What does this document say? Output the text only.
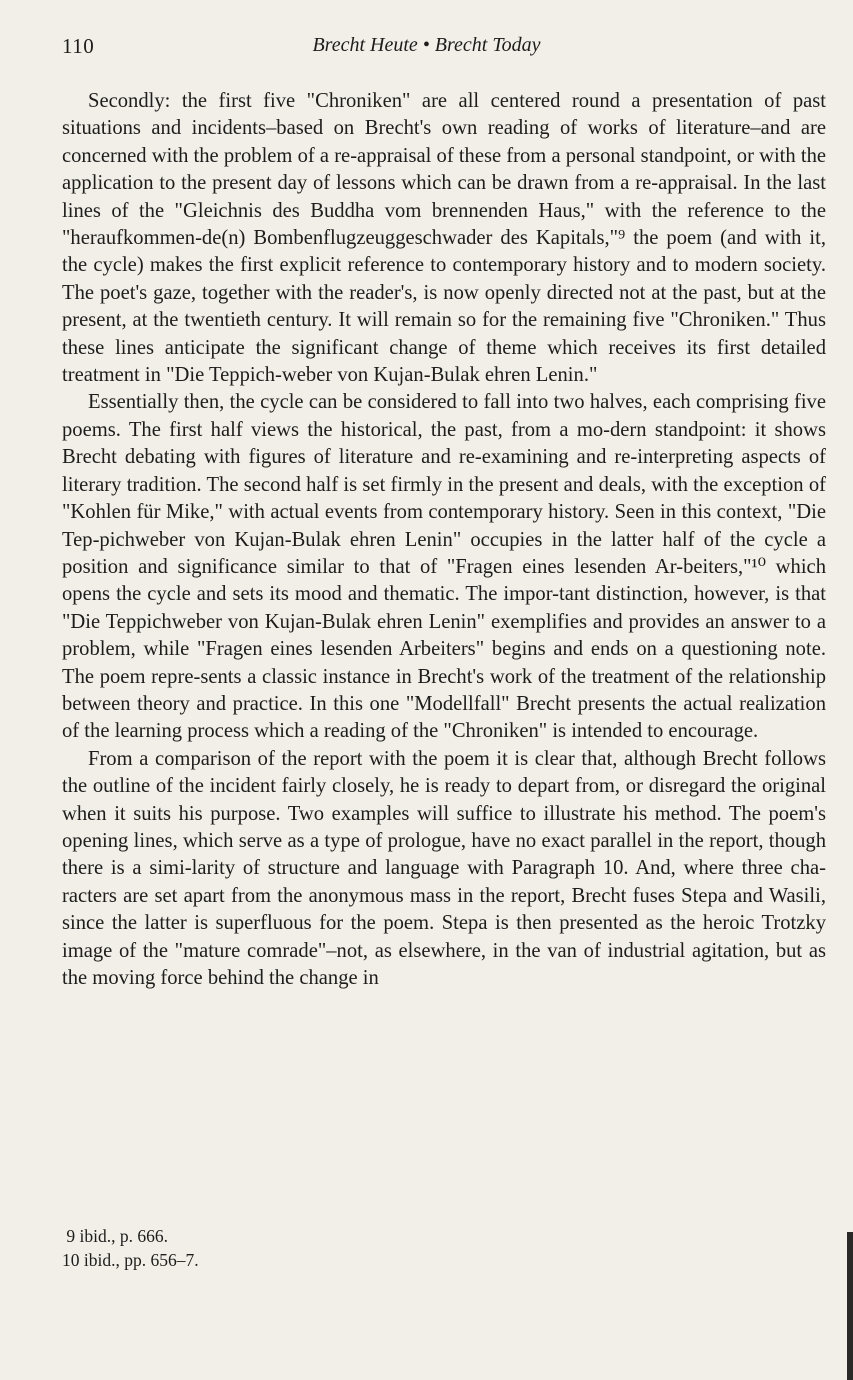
110	Brecht Heute • Brecht Today

Secondly: the first five "Chroniken" are all centered round a presentation of past situations and incidents–based on Brecht's own reading of works of literature–and are concerned with the problem of a re-appraisal of these from a personal standpoint, or with the application to the present day of lessons which can be drawn from a re-appraisal. In the last lines of the "Gleichnis des Buddha vom brennenden Haus," with the reference to the "heraufkommen-de(n) Bombenflugzeuggeschwader des Kapitals,"⁹ the poem (and with it, the cycle) makes the first explicit reference to contemporary history and to modern society. The poet's gaze, together with the reader's, is now openly directed not at the past, but at the present, at the twentieth century. It will remain so for the remaining five "Chroniken." Thus these lines anticipate the significant change of theme which receives its first detailed treatment in "Die Teppich-weber von Kujan-Bulak ehren Lenin."

Essentially then, the cycle can be considered to fall into two halves, each comprising five poems. The first half views the historical, the past, from a mo-dern standpoint: it shows Brecht debating with figures of literature and re-examining and re-interpreting aspects of literary tradition. The second half is set firmly in the present and deals, with the exception of "Kohlen für Mike," with actual events from contemporary history. Seen in this context, "Die Tep-pichweber von Kujan-Bulak ehren Lenin" occupies in the latter half of the cycle a position and significance similar to that of "Fragen eines lesenden Ar-beiters,"¹⁰ which opens the cycle and sets its mood and thematic. The impor-tant distinction, however, is that "Die Teppichweber von Kujan-Bulak ehren Lenin" exemplifies and provides an answer to a problem, while "Fragen eines lesenden Arbeiters" begins and ends on a questioning note. The poem repre-sents a classic instance in Brecht's work of the treatment of the relationship between theory and practice. In this one "Modellfall" Brecht presents the actual realization of the learning process which a reading of the "Chroniken" is intended to encourage.

From a comparison of the report with the poem it is clear that, although Brecht follows the outline of the incident fairly closely, he is ready to depart from, or disregard the original when it suits his purpose. Two examples will suffice to illustrate his method. The poem's opening lines, which serve as a type of prologue, have no exact parallel in the report, though there is a simi-larity of structure and language with Paragraph 10. And, where three cha-racters are set apart from the anonymous mass in the report, Brecht fuses Stepa and Wasili, since the latter is superfluous for the poem. Stepa is then presented as the heroic Trotzky image of the "mature comrade"–not, as elsewhere, in the van of industrial agitation, but as the moving force behind the change in

9 ibid., p. 666.

10 ibid., pp. 656–7.
